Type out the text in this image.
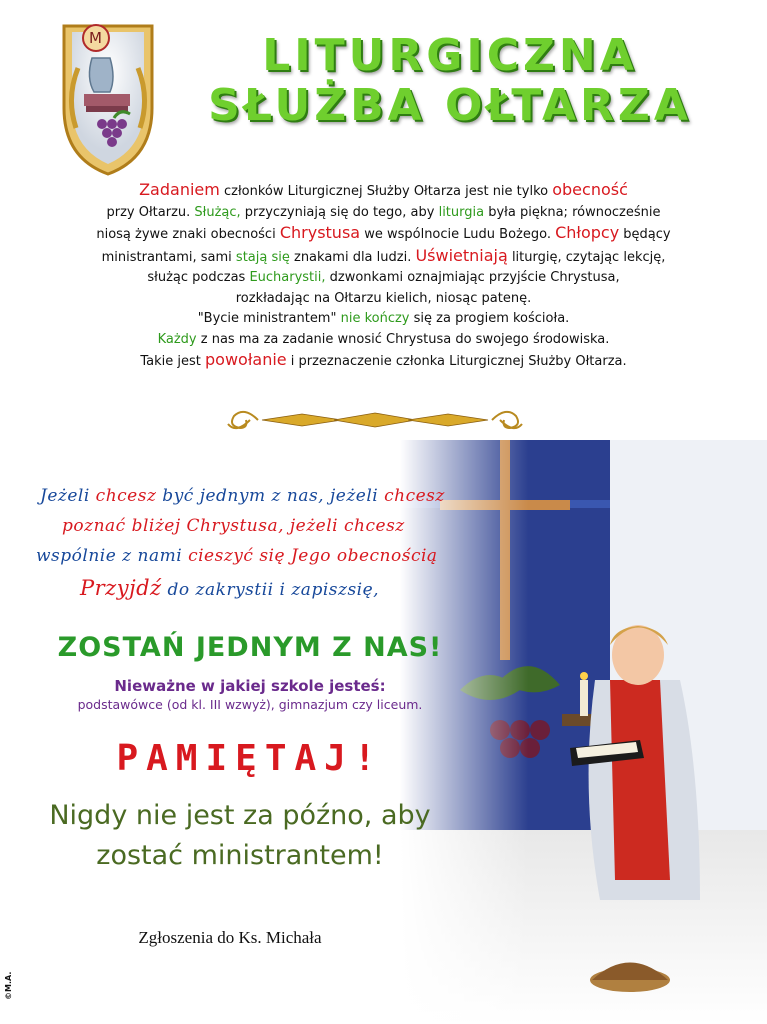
M	LITURGICZNA
SŁUŻBA OŁTARZA
Zadaniem członków Liturgicznej Służby Ołtarza jest nie tylko obecność
przy Ołtarzu. Służąc, przyczyniają się do tego, aby liturgia była piękna; równocześnie
niosą żywe znaki obecności Chrystusa we wspólnocie Ludu Bożego. Chłopcy będący
ministrantami, sami stają się znakami dla ludzi. Uświetniają liturgię, czytając lekcję,
służąc podczas Eucharystii, dzwonkami oznajmiając przyjście Chrystusa,
rozkładając na Ołtarzu kielich, niosąc patenę.
"Bycie ministrantem" nie kończy się za progiem kościoła.
Każdy z nas ma za zadanie wnosić Chrystusa do swojego środowiska.
Takie jest powołanie i przeznaczenie członka Liturgicznej Służby Ołtarza.
Jeżeli chcesz być jednym z nas, jeżeli chcesz
poznać bliżej Chrystusa, jeżeli chcesz
wspólnie z nami cieszyć się Jego obecnością
Przyjdź do zakrystii i zapiszsię,
ZOSTAŃ JEDNYM Z NAS!
Nieważne w jakiej szkole jesteś:
podstawówce (od kl. III wzwyż), gimnazjum czy liceum.
PAMIĘTAJ!
Nigdy nie jest za późno, aby
zostać ministrantem!
Zgłoszenia do Ks. Michała
©M.A.
